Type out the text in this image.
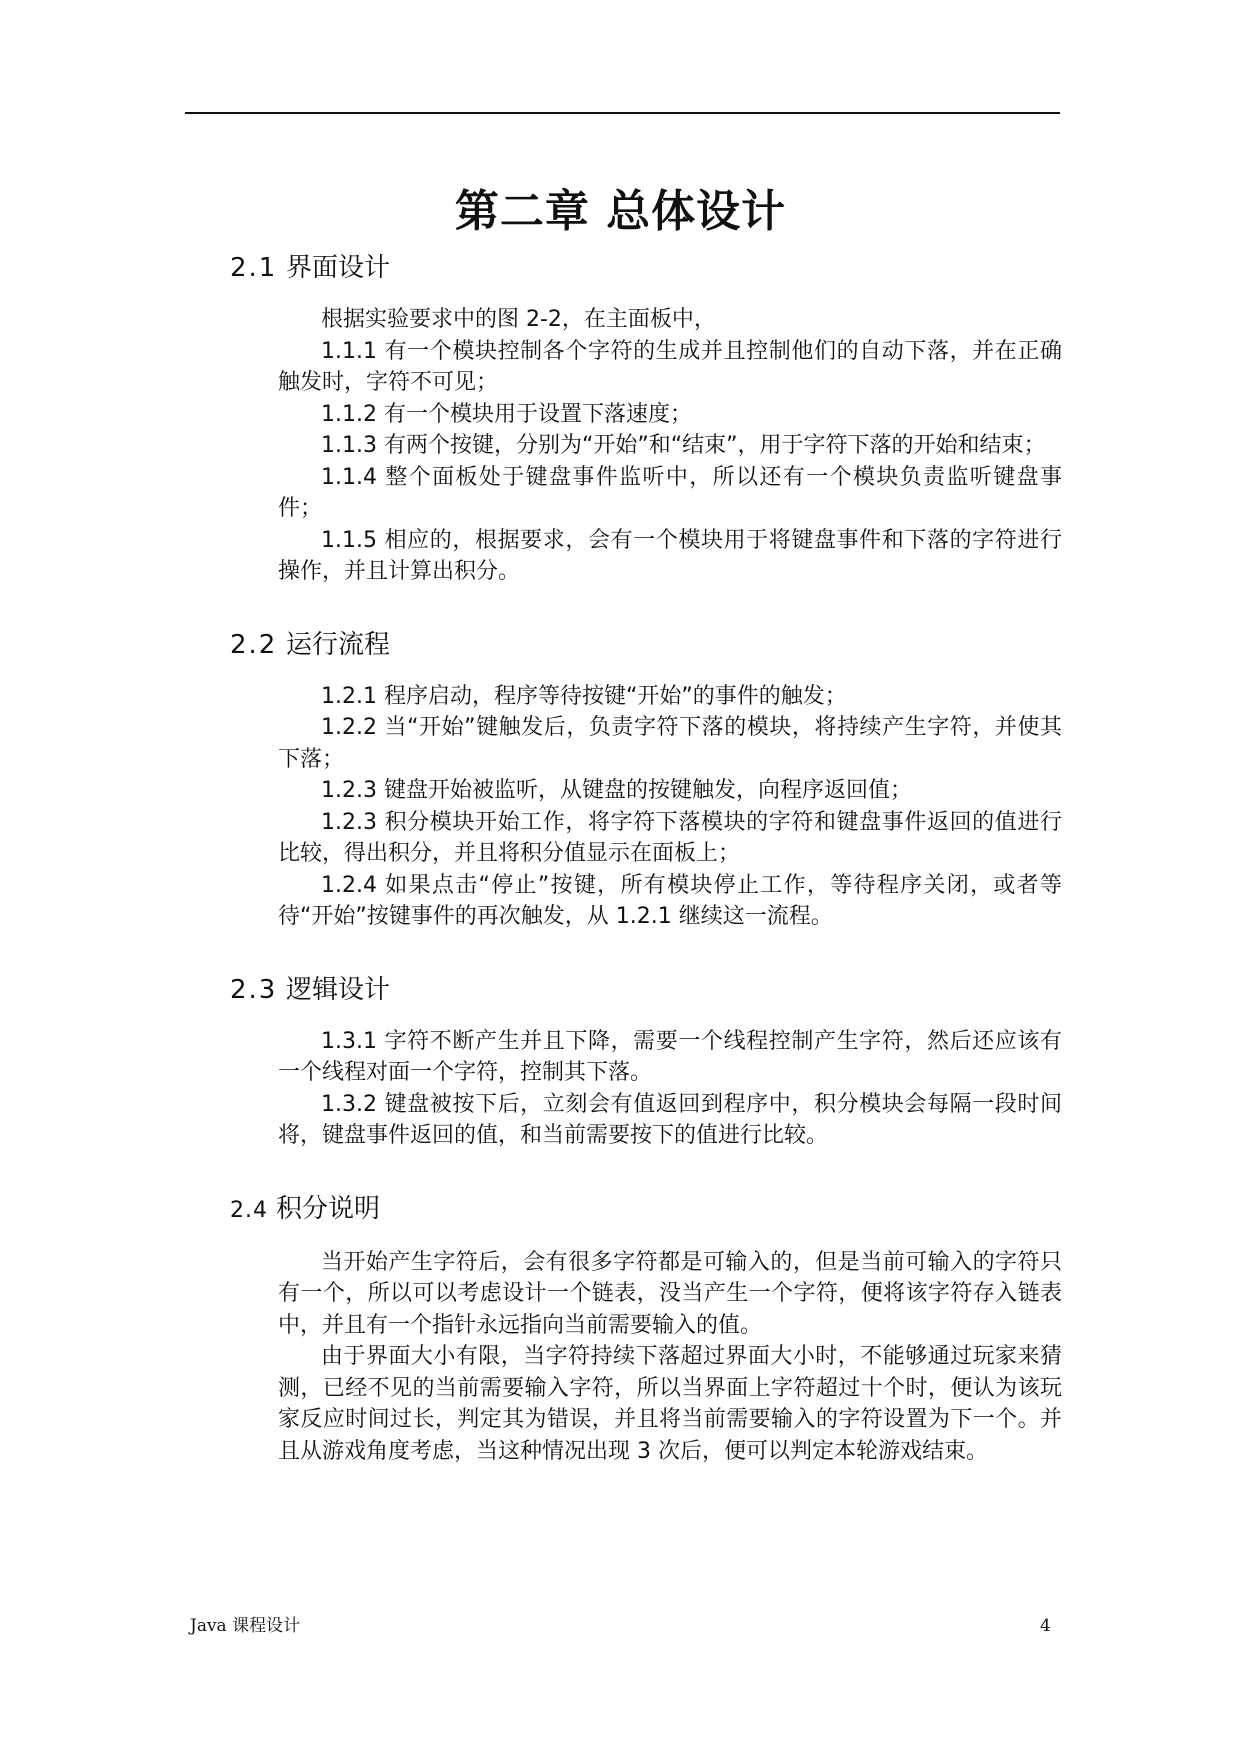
第二章 总体设计
2.1 界面设计

根据实验要求中的图 2-2，在主面板中，

1.1.1 有一个模块控制各个字符的生成并且控制他们的自动下落，并在正确触发时，字符不可见；

1.1.2 有一个模块用于设置下落速度；

1.1.3 有两个按键，分别为“开始”和“结束”，用于字符下落的开始和结束；

1.1.4 整个面板处于键盘事件监听中，所以还有一个模块负责监听键盘事件；

1.1.5 相应的，根据要求，会有一个模块用于将键盘事件和下落的字符进行操作，并且计算出积分。

2.2 运行流程

1.2.1 程序启动，程序等待按键“开始”的事件的触发；

1.2.2 当“开始”键触发后，负责字符下落的模块，将持续产生字符，并使其下落；

1.2.3 键盘开始被监听，从键盘的按键触发，向程序返回值；

1.2.3 积分模块开始工作，将字符下落模块的字符和键盘事件返回的值进行比较，得出积分，并且将积分值显示在面板上；

1.2.4 如果点击“停止”按键，所有模块停止工作，等待程序关闭，或者等待“开始”按键事件的再次触发，从 1.2.1 继续这一流程。

2.3 逻辑设计

1.3.1 字符不断产生并且下降，需要一个线程控制产生字符，然后还应该有一个线程对面一个字符，控制其下落。

1.3.2 键盘被按下后，立刻会有值返回到程序中，积分模块会每隔一段时间将，键盘事件返回的值，和当前需要按下的值进行比较。

2.4 积分说明

当开始产生字符后，会有很多字符都是可输入的，但是当前可输入的字符只有一个，所以可以考虑设计一个链表，没当产生一个字符，便将该字符存入链表中，并且有一个指针永远指向当前需要输入的值。

由于界面大小有限，当字符持续下落超过界面大小时，不能够通过玩家来猜测，已经不见的当前需要输入字符，所以当界面上字符超过十个时，便认为该玩家反应时间过长，判定其为错误，并且将当前需要输入的字符设置为下一个。并且从游戏角度考虑，当这种情况出现 3 次后，便可以判定本轮游戏结束。

Java 课程设计	4
